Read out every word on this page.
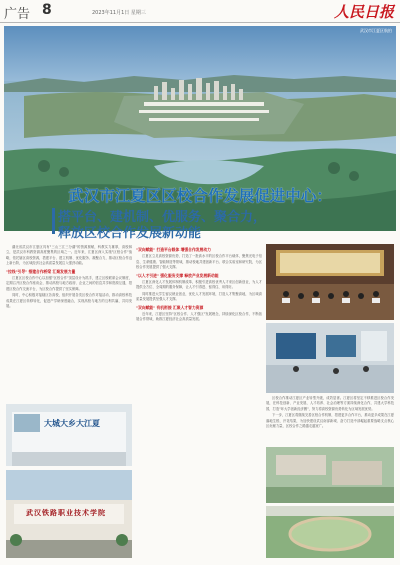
广告 8	2023年11月1日 星期三	人民日报
武汉市江夏区航拍
武汉市江夏区区校合作发展促进中心：
搭平台、建机制、优服务、聚合力，
释放区校合作发展新动能

湖北省武汉市江夏区具有"三山三江三分湖"的资源禀赋，科教实力雄厚，高校林立，是武汉市科教资源高度聚集的区域之一。近年来，江夏区深入实施"区校合作"战略，依托辖区高校资源，搭建平台、建立机制、优化服务、凝聚合力，推动区校合作迈上新台阶，为区域经济社会高质量发展注入强劲动能。

"拉线"引导" 搭建合作桥梁 汇聚发展力量

江夏区区校合作中心以加强"区校合作"顶层设计为抓手，建立区校联席会议制度，定期召开区校合作座谈会，推动高校与地方政府、企业之间的信息共享和资源互通，搭建区校合作交流平台，为区校合作提供了坚实保障。

同时，中心积极对接辖区各高校，组织开展各类区校合作对接活动，推动高校科技成果在江夏区转移转化，促进产学研深度融合，实现高校与地方的互利共赢、共同发展。

"双向赋能" 打造平台载体 增强合作发展动力

江夏区立足高校资源优势，打造了一批高水平的区校合作平台载体，聚焦光电子信息、生命健康、智能制造等领域，推动校地共建创新平台、联合实验室和研究院，为区校合作发展提供了强大支撑。

"以人才引进" 强化服务支撑 释放产业发展新动能

江夏区深化人才发展体制机制改革，积极引进高校优秀人才来区创新创业，为人才提供全方位、全周期的服务保障，让人才引得进、留得住、用得好。

同时推进大学生留汉就业创业，优化人才发展环境，打造人才集聚高地，为区域高质量发展提供坚强人才支撑。

"双向赋能" 有机衔接 汇聚人才智力资源

近年来，江夏区坚持"区校合作、人才强区"发展理念，持续深化区校合作，不断拓展合作领域，助推江夏经济社会高质量发展。

区校合作推动江夏区产业转型升级，成效显著。江夏区将坚定不移推进区校合作发展，在科技创新、产业发展、人才培养、社会治理等方面持续深化合作，共建大学科技园，打造"环大学创新经济圈"，努力将高校资源优势转化为区域发展优势。

下一步，江夏区将继续完善区校合作机制，搭建更多合作平台，推动更多成果在江夏落地生根、开花结果，为加快建设武汉南部新城、奋力打造中部崛起重要战略支点核心区贡献力量，区校合作之路越走越宽广。

大城大乡大江夏
武汉铁路职业技术学院
